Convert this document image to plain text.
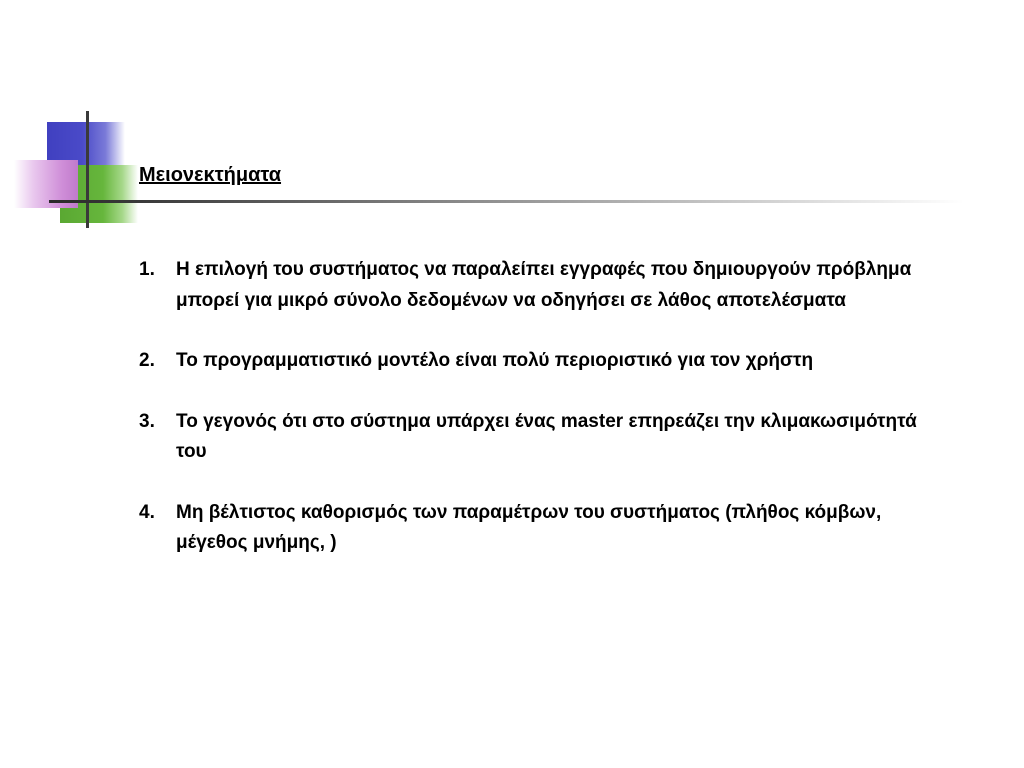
Μειονεκτήματα
1. Η επιλογή του συστήματος να παραλείπει εγγραφές που δημιουργούν πρόβλημα μπορεί για μικρό σύνολο δεδομένων να οδηγήσει σε λάθος αποτελέσματα
2. Το προγραμματιστικό μοντέλο είναι πολύ περιοριστικό για τον χρήστη
3. Το γεγονός ότι στο σύστημα υπάρχει ένας master επηρεάζει την κλιμακωσιμότητά του
4. Μη βέλτιστος καθορισμός των παραμέτρων του συστήματος (πλήθος κόμβων, μέγεθος μνήμης, )
